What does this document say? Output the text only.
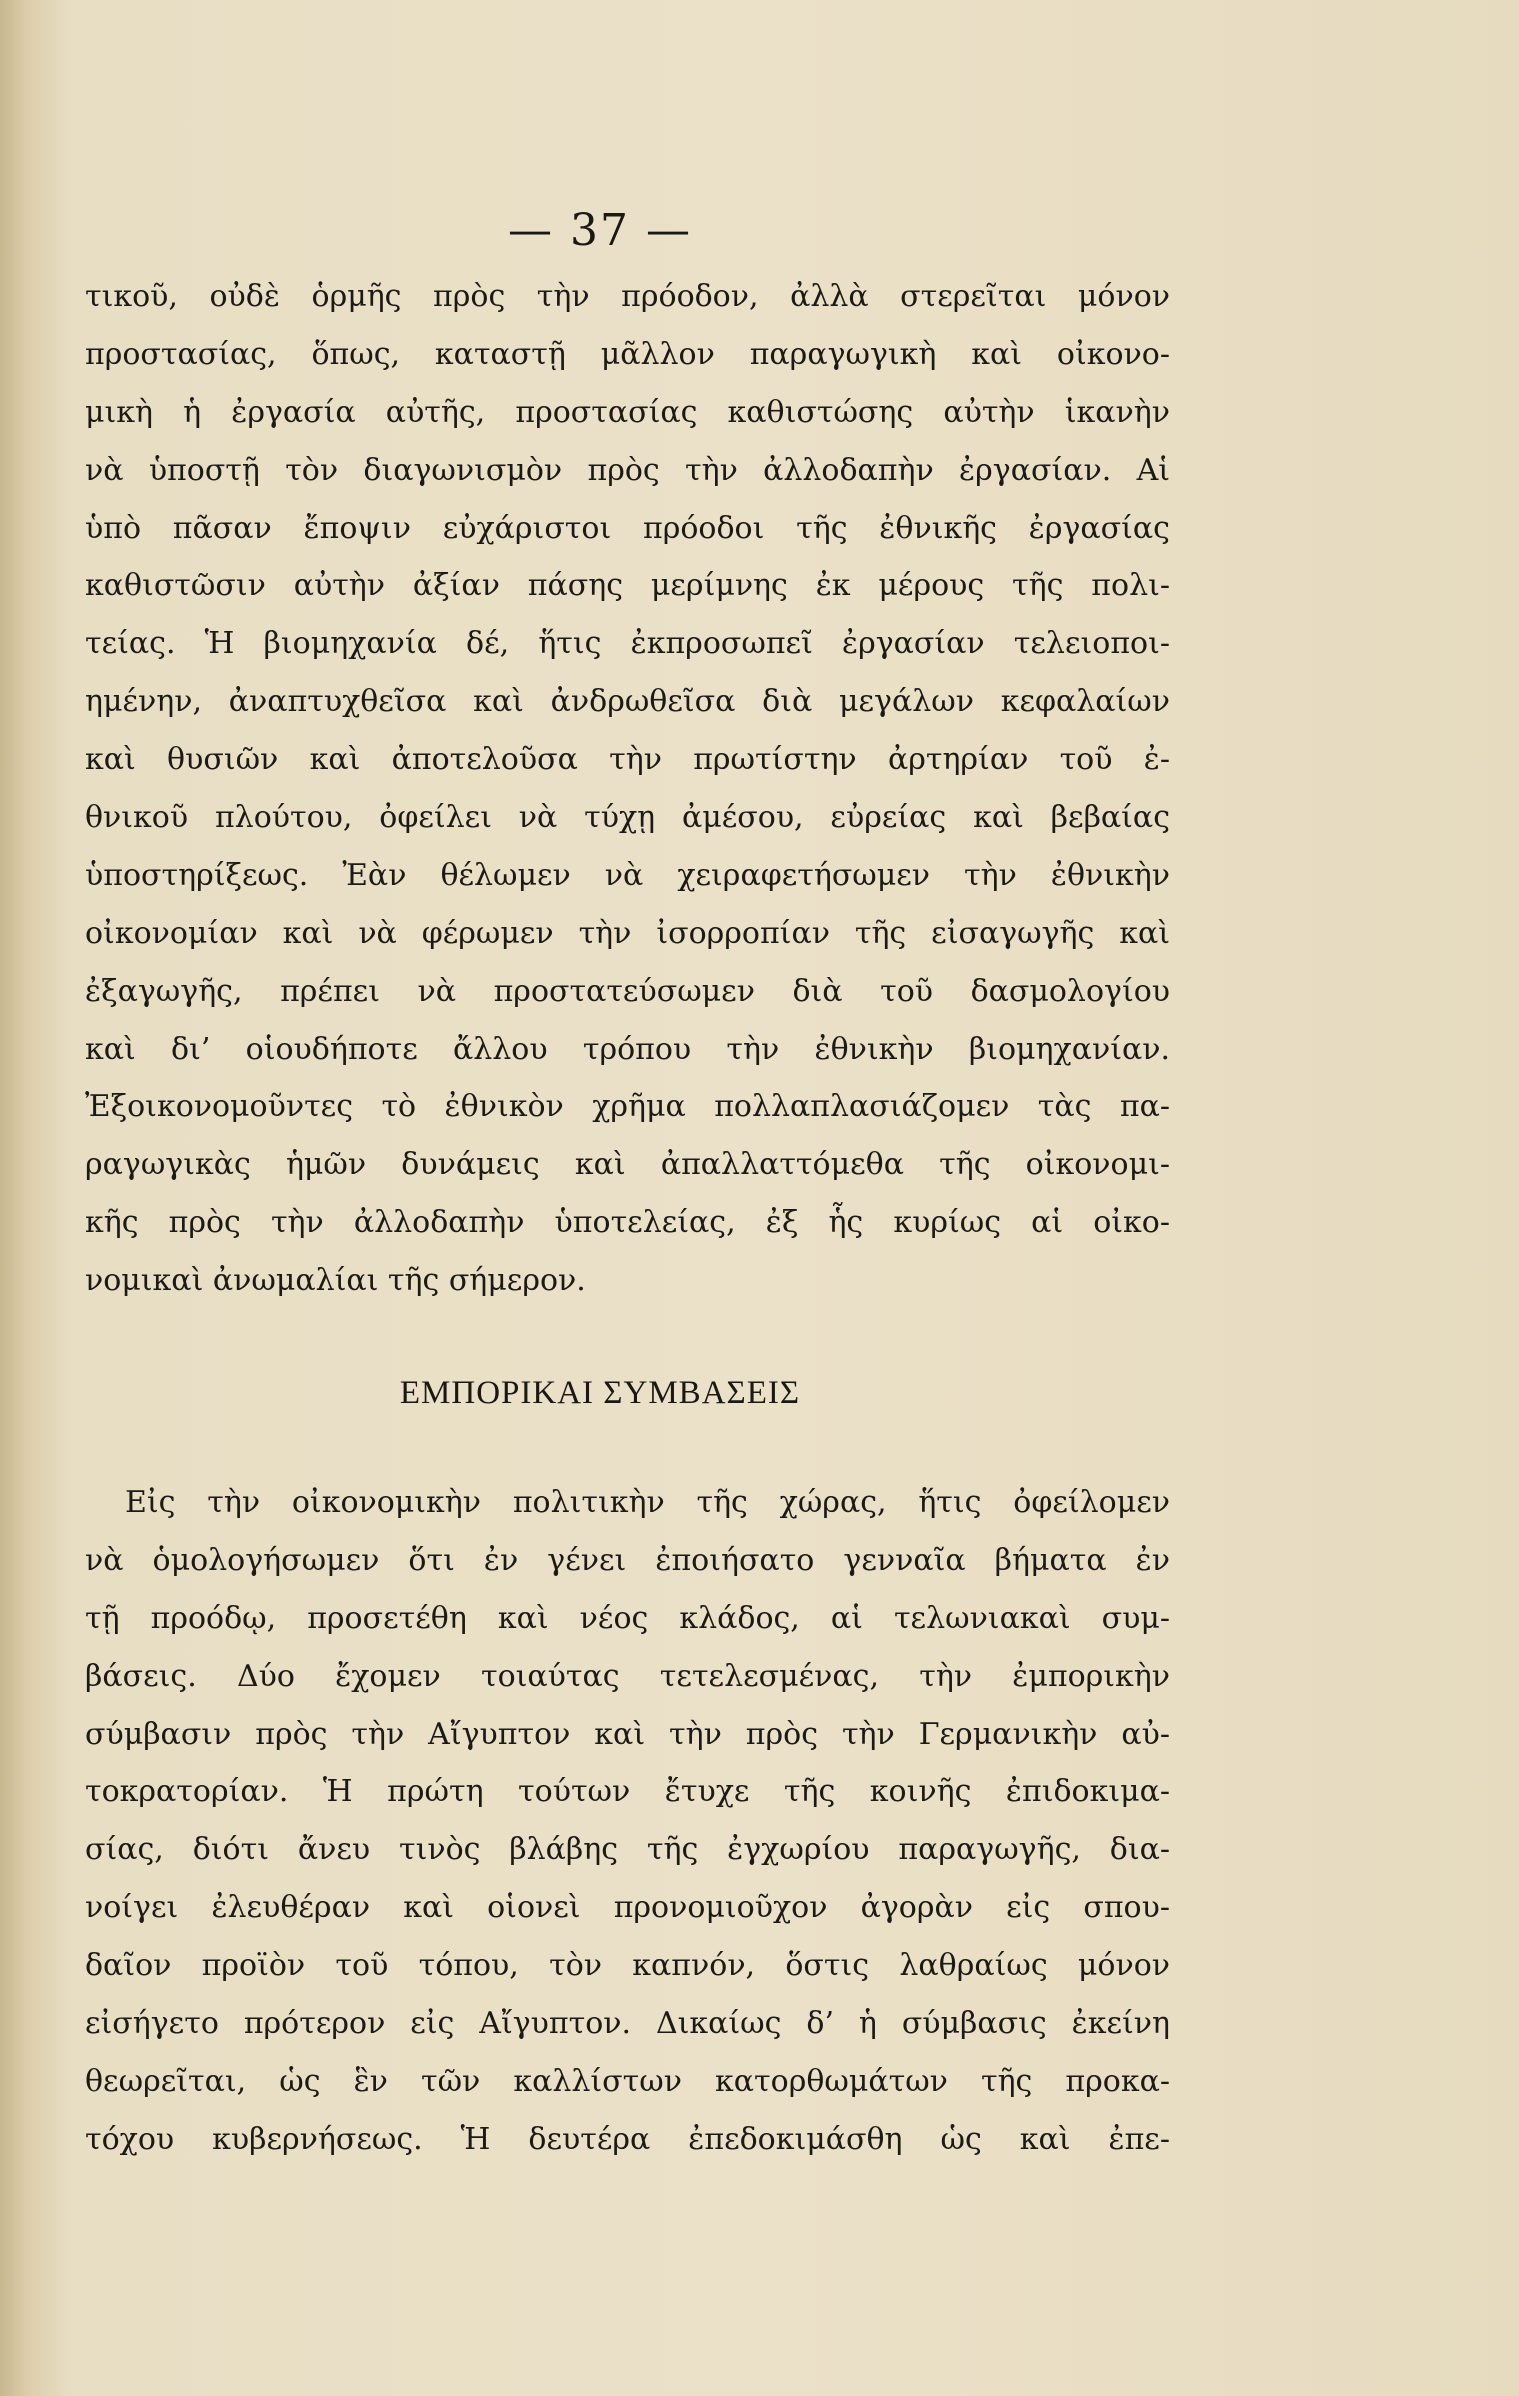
— 37 —
τικοῦ, οὐδὲ ὁρμῆς πρὸς τὴν πρόοδον, ἀλλὰ στερεῖται μόνον
προστασίας, ὅπως, καταστῇ μᾶλλον παραγωγικὴ καὶ οἰκονο-
μικὴ ἡ ἐργασία αὐτῆς, προστασίας καθιστώσης αὐτὴν ἱκανὴν
νὰ ὑποστῇ τὸν διαγωνισμὸν πρὸς τὴν ἀλλοδαπὴν ἐργασίαν. Αἱ
ὑπὸ πᾶσαν ἔποψιν εὐχάριστοι πρόοδοι τῆς ἐθνικῆς ἐργασίας
καθιστῶσιν αὐτὴν ἀξίαν πάσης μερίμνης ἐκ μέρους τῆς πολι-
τείας. Ἡ βιομηχανία δέ, ἥτις ἐκπροσωπεῖ ἐργασίαν τελειοποι-
ημένην, ἀναπτυχθεῖσα καὶ ἀνδρωθεῖσα διὰ μεγάλων κεφαλαίων
καὶ θυσιῶν καὶ ἀποτελοῦσα τὴν πρωτίστην ἀρτηρίαν τοῦ ἐ-
θνικοῦ πλούτου, ὀφείλει νὰ τύχῃ ἀμέσου, εὐρείας καὶ βεβαίας
ὑποστηρίξεως. Ἐὰν θέλωμεν νὰ χειραφετήσωμεν τὴν ἐθνικὴν
οἰκονομίαν καὶ νὰ φέρωμεν τὴν ἰσορροπίαν τῆς εἰσαγωγῆς καὶ
ἐξαγωγῆς, πρέπει νὰ προστατεύσωμεν διὰ τοῦ δασμολογίου
καὶ δι’ οἱουδήποτε ἄλλου τρόπου τὴν ἐθνικὴν βιομηχανίαν.
Ἐξοικονομοῦντες τὸ ἐθνικὸν χρῆμα πολλαπλασιάζομεν τὰς πα-
ραγωγικὰς ἡμῶν δυνάμεις καὶ ἀπαλλαττόμεθα τῆς οἰκονομι-
κῆς πρὸς τὴν ἀλλοδαπὴν ὑποτελείας, ἐξ ἧς κυρίως αἱ οἰκο-
νομικαὶ ἀνωμαλίαι τῆς σήμερον.
ΕΜΠΟΡΙΚΑΙ ΣΥΜΒΑΣΕΙΣ
Εἰς τὴν οἰκονομικὴν πολιτικὴν τῆς χώρας, ἥτις ὀφείλομεν
νὰ ὁμολογήσωμεν ὅτι ἐν γένει ἐποιήσατο γενναῖα βήματα ἐν
τῇ προόδῳ, προσετέθη καὶ νέος κλάδος, αἱ τελωνιακαὶ συμ-
βάσεις. Δύο ἔχομεν τοιαύτας τετελεσμένας, τὴν ἐμπορικὴν
σύμβασιν πρὸς τὴν Αἴγυπτον καὶ τὴν πρὸς τὴν Γερμανικὴν αὐ-
τοκρατορίαν. Ἡ πρώτη τούτων ἔτυχε τῆς κοινῆς ἐπιδοκιμα-
σίας, διότι ἄνευ τινὸς βλάβης τῆς ἐγχωρίου παραγωγῆς, δια-
νοίγει ἐλευθέραν καὶ οἱονεὶ προνομιοῦχον ἀγορὰν εἰς σπου-
δαῖον προϊὸν τοῦ τόπου, τὸν καπνόν, ὅστις λαθραίως μόνον
εἰσήγετο πρότερον εἰς Αἴγυπτον. Δικαίως δ’ ἡ σύμβασις ἐκείνη
θεωρεῖται, ὡς ἓν τῶν καλλίστων κατορθωμάτων τῆς προκα-
τόχου κυβερνήσεως. Ἡ δευτέρα ἐπεδοκιμάσθη ὡς καὶ ἐπε-
